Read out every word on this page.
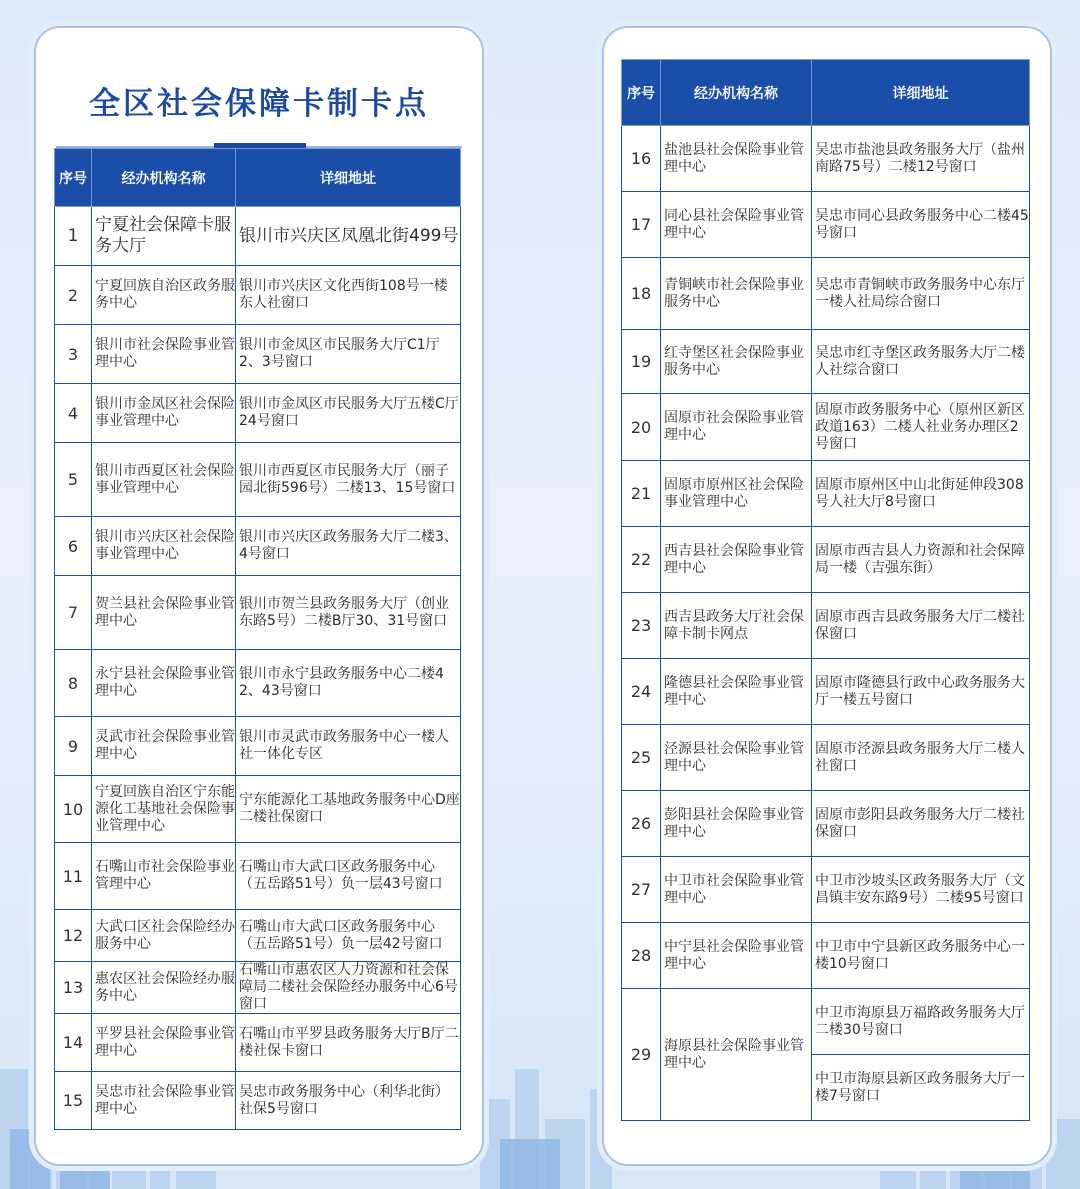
全区社会保障卡制卡点
序号	经办机构名称	详细地址
1	宁夏社会保障卡服务大厅	银川市兴庆区凤凰北街499号
2	宁夏回族自治区政务服务中心	银川市兴庆区文化西街108号一楼东人社窗口
3	银川市社会保险事业管理中心	银川市金凤区市民服务大厅C1厅2、3号窗口
4	银川市金凤区社会保险事业管理中心	银川市金凤区市民服务大厅五楼C厅24号窗口
5	银川市西夏区社会保险事业管理中心	银川市西夏区市民服务大厅（丽子园北街596号）二楼13、15号窗口
6	银川市兴庆区社会保险事业管理中心	银川市兴庆区政务服务大厅二楼3、4号窗口
7	贺兰县社会保险事业管理中心	银川市贺兰县政务服务大厅（创业东路5号）二楼B厅30、31号窗口
8	永宁县社会保险事业管理中心	银川市永宁县政务服务中心二楼42、43号窗口
9	灵武市社会保险事业管理中心	银川市灵武市政务服务中心一楼人社一体化专区
10	宁夏回族自治区宁东能源化工基地社会保险事业管理中心	宁东能源化工基地政务服务中心D座二楼社保窗口
11	石嘴山市社会保险事业管理中心	石嘴山市大武口区政务服务中心（五岳路51号）负一层43号窗口
12	大武口区社会保险经办服务中心	石嘴山市大武口区政务服务中心（五岳路51号）负一层42号窗口
13	惠农区社会保险经办服务中心	石嘴山市惠农区人力资源和社会保障局二楼社会保险经办服务中心6号窗口
14	平罗县社会保险事业管理中心	石嘴山市平罗县政务服务大厅B厅二楼社保卡窗口
15	吴忠市社会保险事业管理中心	吴忠市政务服务中心（利华北街）社保5号窗口
序号	经办机构名称	详细地址
16	盐池县社会保险事业管理中心	吴忠市盐池县政务服务大厅（盐州南路75号）二楼12号窗口
17	同心县社会保险事业管理中心	吴忠市同心县政务服务中心二楼45号窗口
18	青铜峡市社会保险事业服务中心	吴忠市青铜峡市政务服务中心东厅一楼人社局综合窗口
19	红寺堡区社会保险事业服务中心	吴忠市红寺堡区政务服务大厅二楼人社综合窗口
20	固原市社会保险事业管理中心	固原市政务服务中心（原州区新区政道163）二楼人社业务办理区2号窗口
21	固原市原州区社会保险事业管理中心	固原市原州区中山北街延伸段308号人社大厅8号窗口
22	西吉县社会保险事业管理中心	固原市西吉县人力资源和社会保障局一楼（吉强东街）
23	西吉县政务大厅社会保障卡制卡网点	固原市西吉县政务服务大厅二楼社保窗口
24	隆德县社会保险事业管理中心	固原市隆德县行政中心政务服务大厅一楼五号窗口
25	泾源县社会保险事业管理中心	固原市泾源县政务服务大厅二楼人社窗口
26	彭阳县社会保险事业管理中心	固原市彭阳县政务服务大厅二楼社保窗口
27	中卫市社会保险事业管理中心	中卫市沙坡头区政务服务大厅（文昌镇丰安东路9号）二楼95号窗口
28	中宁县社会保险事业管理中心	中卫市中宁县新区政务服务中心一楼10号窗口
29	海原县社会保险事业管理中心	中卫市海原县万福路政务服务大厅二楼30号窗口
		中卫市海原县新区政务服务大厅一楼7号窗口
